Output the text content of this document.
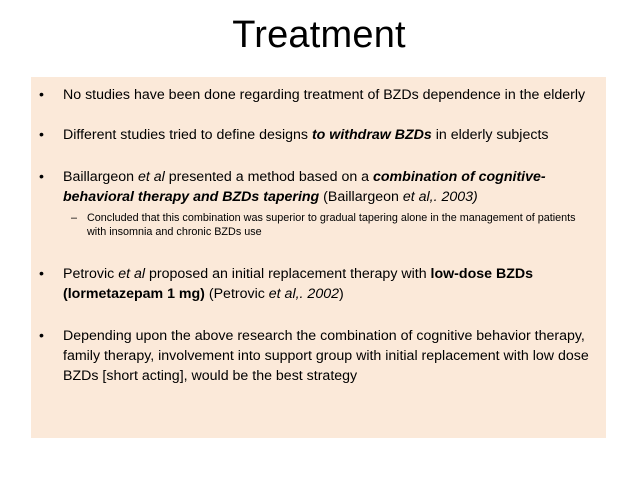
Treatment
•	No studies have been done regarding treatment of BZDs dependence in the elderly
•	Different studies tried to define designs to withdraw BZDs in elderly subjects
•	Baillargeon et al presented a method based on a combination of cognitive-behavioral therapy and BZDs tapering (Baillargeon et al,. 2003)
– Concluded that this combination was superior to gradual tapering alone in the management of patients with insomnia and chronic BZDs use
•	Petrovic et al proposed an initial replacement therapy with low-dose BZDs (lormetazepam 1 mg) (Petrovic et al,. 2002)
•	Depending upon the above research the combination of cognitive behavior therapy, family therapy, involvement into support group with initial replacement with low dose BZDs [short acting], would be the best strategy
